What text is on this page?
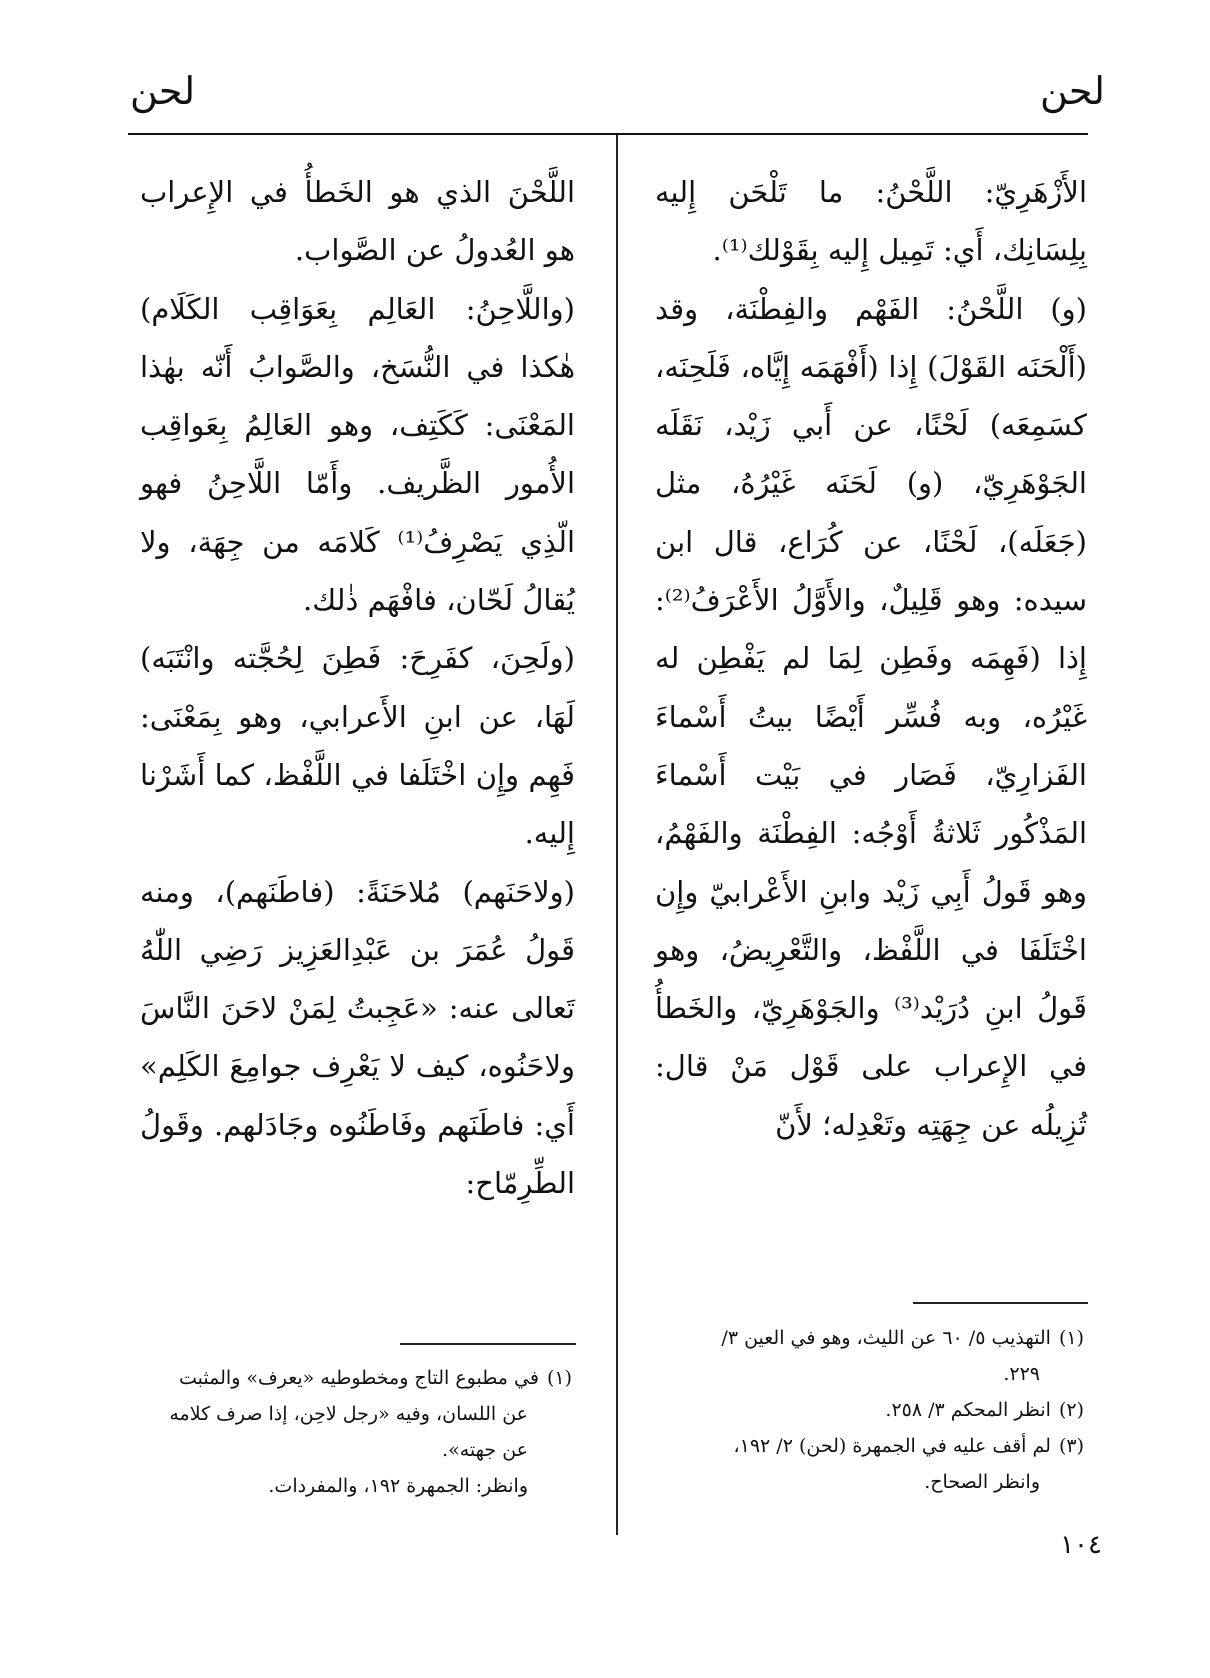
لحن
لحن

الأَزْهَرِيّ: اللَّحْنُ: ما تَلْحَن إِليه بِلِسَانِك، أَي: تَمِيل إِليه بِقَوْلك⁽¹⁾.

(و) اللَّحْنُ: الفَهْم والفِطْنَة، وقد (أَلْحَنَه القَوْلَ) إِذا (أَفْهَمَه إِيَّاه، فَلَحِنَه، كسَمِعَه) لَحْنًا، عن أَبي زَيْد، نَقَلَه الجَوْهَرِيّ، (و) لَحَنَه غَيْرُهُ، مثل (جَعَلَه)، لَحْنًا، عن كُرَاع، قال ابن سيده: وهو قَلِيلٌ، والأَوَّلُ الأَعْرَفُ⁽²⁾: إِذا (فَهِمَه وفَطِن لِمَا لم يَفْطِن له غَيْرُه، وبه فُسِّر أَيْضًا بيتُ أَسْماءَ الفَزارِيّ، فَصَار في بَيْت أَسْماءَ المَذْكُور ثَلاثةُ أَوْجُه: الفِطْنَة والفَهْمُ، وهو قَولُ أَبِي زَيْد وابنِ الأَعْرابيّ وإِن اخْتَلَفَا في اللَّفْظ، والتَّعْرِيضُ، وهو قَولُ ابنِ دُرَيْد⁽³⁾ والجَوْهَرِيّ، والخَطأُ في الإِعراب على قَوْل مَنْ قال: تُزِيلُه عن جِهَتِه وتَعْدِله؛ لأَنّ

اللَّحْنَ الذي هو الخَطأُ في الإِعراب هو العُدولُ عن الصَّواب.

(واللَّاحِنُ: العَالِم بِعَوَاقِب الكَلَام) هٰكذا في النُّسَخ، والصَّوابُ أَنّه بهٰذا المَعْنَى: كَكَتِف، وهو العَالِمُ بِعَواقِب الأُمور الظَّريف. وأَمّا اللَّاحِنُ فهو الّذِي يَصْرِفُ⁽¹⁾ كَلامَه من جِهَة، ولا يُقالُ لَحّان، فافْهَم ذٰلك.

(ولَحِنَ، كفَرِحَ: فَطِنَ لِحُجَّته وانْتَبَه) لَهَا، عن ابنِ الأَعرابي، وهو بِمَعْنَى: فَهِم وإِن اخْتَلَفا في اللَّفْظ، كما أَشَرْنا إِليه.

(ولاحَنَهم) مُلاحَنَةً: (فاطَنَهم)، ومنه قَولُ عُمَرَ بن عَبْدِالعَزِيز رَضِي اللّٰهُ تَعالى عنه: «عَجِبتُ لِمَنْ لاحَنَ النَّاسَ ولاحَنُوه، كيف لا يَعْرِف جوامِعَ الكَلِم» أَي: فاطَنَهم وفَاطَنُوه وجَادَلهم. وقَولُ الطِّرِمّاح:

(١)التهذيب ٥/ ٦٠ عن الليث، وهو في العين ٣/
٢٢٩.
(٢)انظر المحكم ٣/ ٢٥٨.
(٣)لم أقف عليه في الجمهرة (لحن) ٢/ ١٩٢،
وانظر الصحاح.
(١)في مطبوع التاج ومخطوطيه «يعرف» والمثبت
عن اللسان، وفيه «رجل لاحِن، إذا صرف كلامه عن جهته».
وانظر: الجمهرة ١٩٢، والمفردات.
١٠٤
